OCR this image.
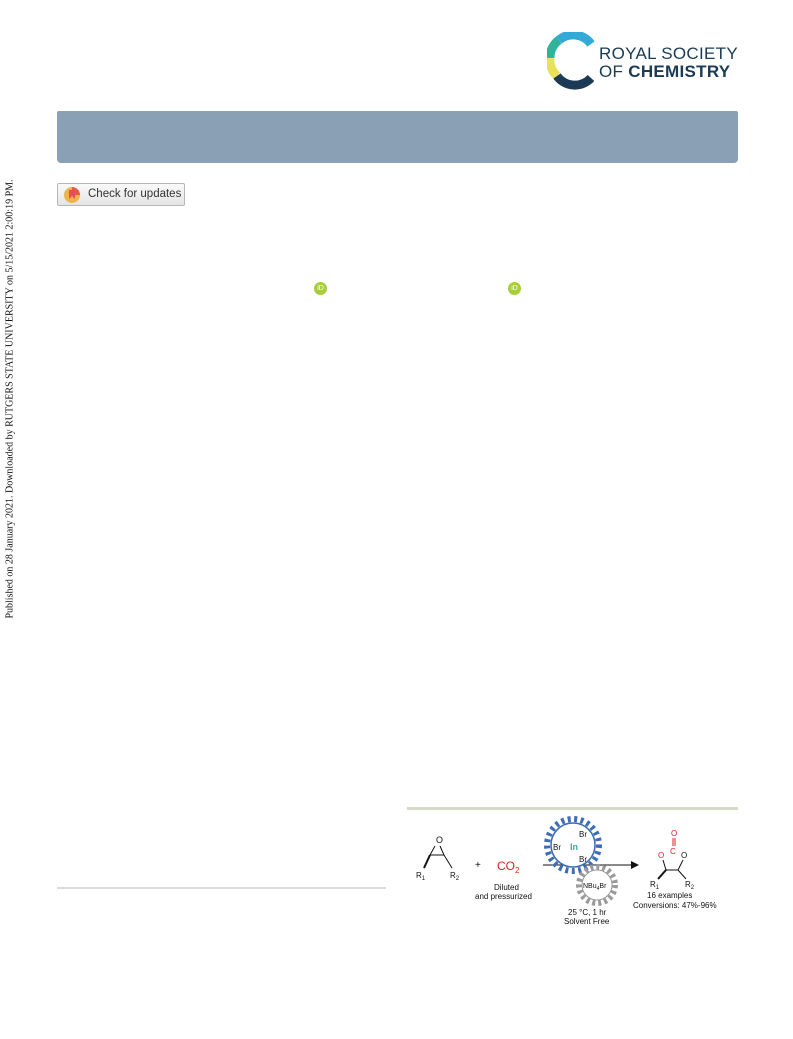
Published on 28 January 2021. Downloaded by RUTGERS STATE UNIVERSITY on 5/15/2021 2:00:19 PM.
ROYAL SOCIETY
OF CHEMISTRY
Check for updates
iD	iD
O
$R_1$	$R_2$
+ $CO_2$
Diluted
and pressurized
Br
Br In
Br
NBu$_4$Br
25 °C, 1 hr
Solvent Free
O
C
O O
$R_1$	$R_2$
16 examples
Conversions: 47%-96%
